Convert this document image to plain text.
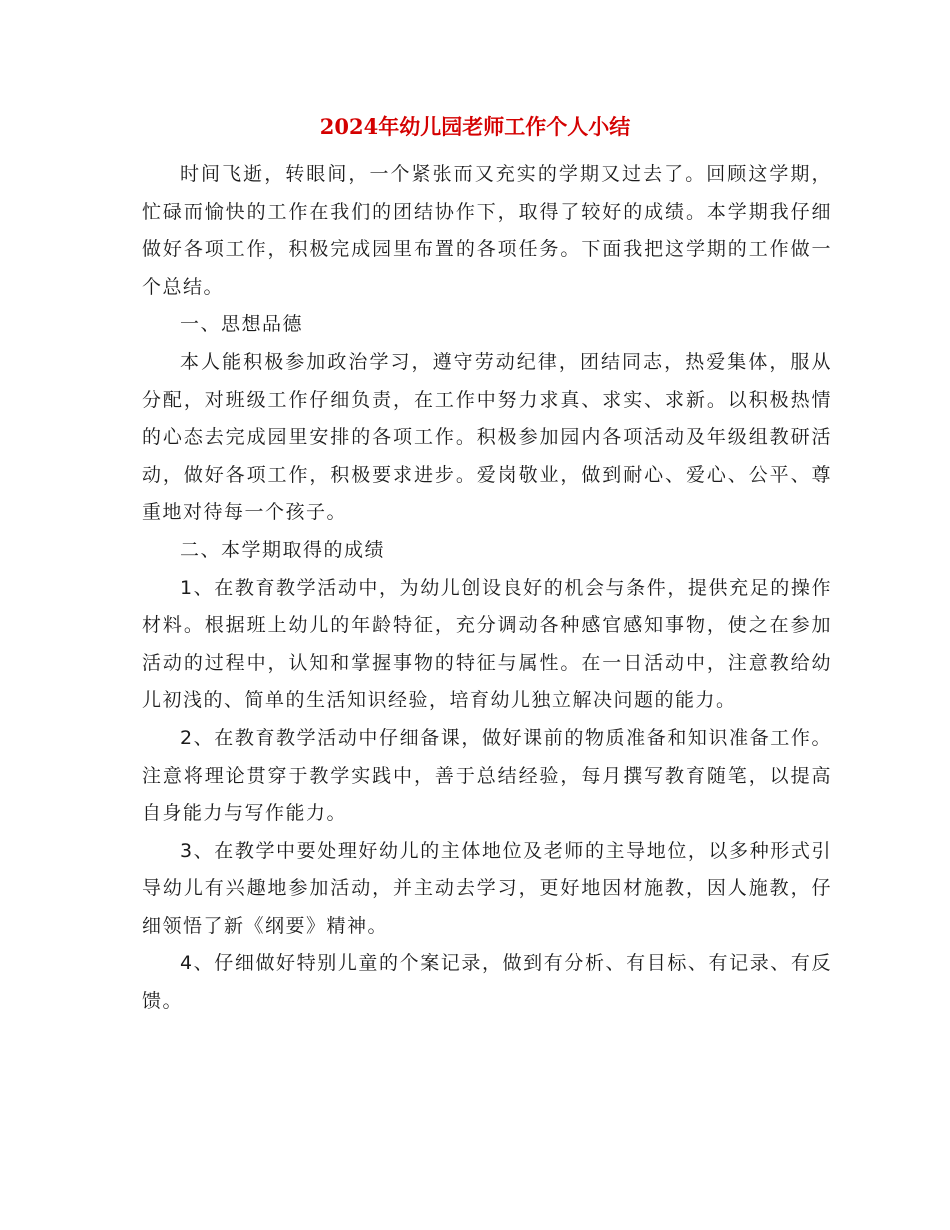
2024年幼儿园老师工作个人小结

时间飞逝，转眼间，一个紧张而又充实的学期又过去了。回顾这学期，忙碌而愉快的工作在我们的团结协作下，取得了较好的成绩。本学期我仔细做好各项工作，积极完成园里布置的各项任务。下面我把这学期的工作做一个总结。

一、思想品德

本人能积极参加政治学习，遵守劳动纪律，团结同志，热爱集体，服从分配，对班级工作仔细负责，在工作中努力求真、求实、求新。以积极热情的心态去完成园里安排的各项工作。积极参加园内各项活动及年级组教研活动，做好各项工作，积极要求进步。爱岗敬业，做到耐心、爱心、公平、尊重地对待每一个孩子。

二、本学期取得的成绩

1、在教育教学活动中，为幼儿创设良好的机会与条件，提供充足的操作材料。根据班上幼儿的年龄特征，充分调动各种感官感知事物，使之在参加活动的过程中，认知和掌握事物的特征与属性。在一日活动中，注意教给幼儿初浅的、简单的生活知识经验，培育幼儿独立解决问题的能力。

2、在教育教学活动中仔细备课，做好课前的物质准备和知识准备工作。注意将理论贯穿于教学实践中，善于总结经验，每月撰写教育随笔，以提高自身能力与写作能力。

3、在教学中要处理好幼儿的主体地位及老师的主导地位，以多种形式引导幼儿有兴趣地参加活动，并主动去学习，更好地因材施教，因人施教，仔细领悟了新《纲要》精神。

4、仔细做好特别儿童的个案记录，做到有分析、有目标、有记录、有反馈。
